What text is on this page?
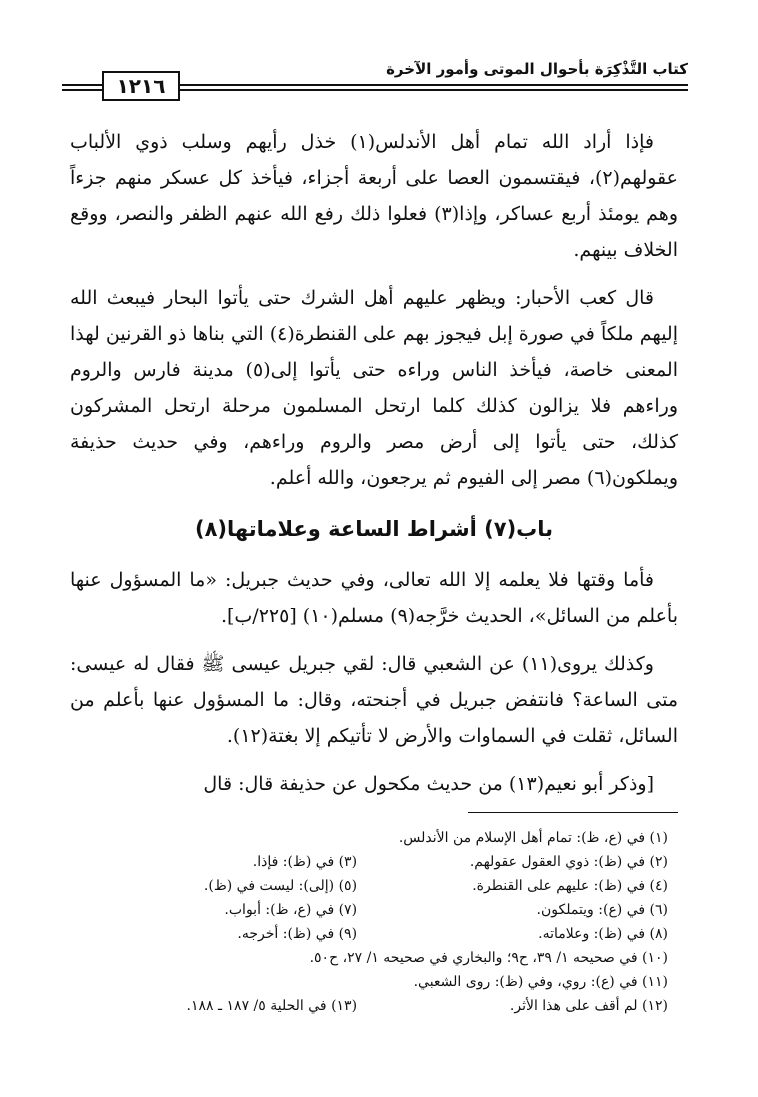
١٢١٦
كتاب التَّذْكِرَة بأحوال الموتى وأمور الآخرة

فإذا أراد الله تمام أهل الأندلس(١) خذل رأيهم وسلب ذوي الألباب عقولهم(٢)، فيقتسمون العصا على أربعة أجزاء، فيأخذ كل عسكر منهم جزءاً وهم يومئذ أربع عساكر، وإذا(٣) فعلوا ذلك رفع الله عنهم الظفر والنصر، ووقع الخلاف بينهم.

قال كعب الأحبار: ويظهر عليهم أهل الشرك حتى يأتوا البحار فيبعث الله إليهم ملكاً في صورة إبل فيجوز بهم على القنطرة(٤) التي بناها ذو القرنين لهذا المعنى خاصة، فيأخذ الناس وراءه حتى يأتوا إلى(٥) مدينة فارس والروم وراءهم فلا يزالون كذلك كلما ارتحل المسلمون مرحلة ارتحل المشركون كذلك، حتى يأتوا إلى أرض مصر والروم وراءهم، وفي حديث حذيفة ويملكون(٦) مصر إلى الفيوم ثم يرجعون، والله أعلم.

باب(٧) أشراط الساعة وعلاماتها(٨)

فأما وقتها فلا يعلمه إلا الله تعالى، وفي حديث جبريل: «ما المسؤول عنها بأعلم من السائل»، الحديث خرَّجه(٩) مسلم(١٠) [٢٢٥/ب].

وكذلك يروى(١١) عن الشعبي قال: لقي جبريل عيسى ﷺ فقال له عيسى: متى الساعة؟ فانتفض جبريل في أجنحته، وقال: ما المسؤول عنها بأعلم من السائل، ثقلت في السماوات والأرض لا تأتيكم إلا بغتة(١٢).

[وذكر أبو نعيم(١٣) من حديث مكحول عن حذيفة قال: قال

(١) في (ع، ظ): تمام أهل الإسلام من الأندلس.
(٢) في (ظ): ذوي العقول عقولهم.
(٣) في (ظ): فإذا.
(٤) في (ظ): عليهم على القنطرة.
(٥) (إلى): ليست في (ظ).
(٦) في (ع): ويتملكون.
(٧) في (ع، ظ): أبواب.
(٨) في (ظ): وعلاماته.
(٩) في (ظ): أخرجه.
(١٠) في صحيحه ١/ ٣٩، ح٩؛ والبخاري في صحيحه ١/ ٢٧، ح٥٠.
(١١) في (ع): روي، وفي (ظ): روى الشعبي.
(١٢) لم أقف على هذا الأثر.
(١٣) في الحلية ٥/ ١٨٧ ـ ١٨٨.
